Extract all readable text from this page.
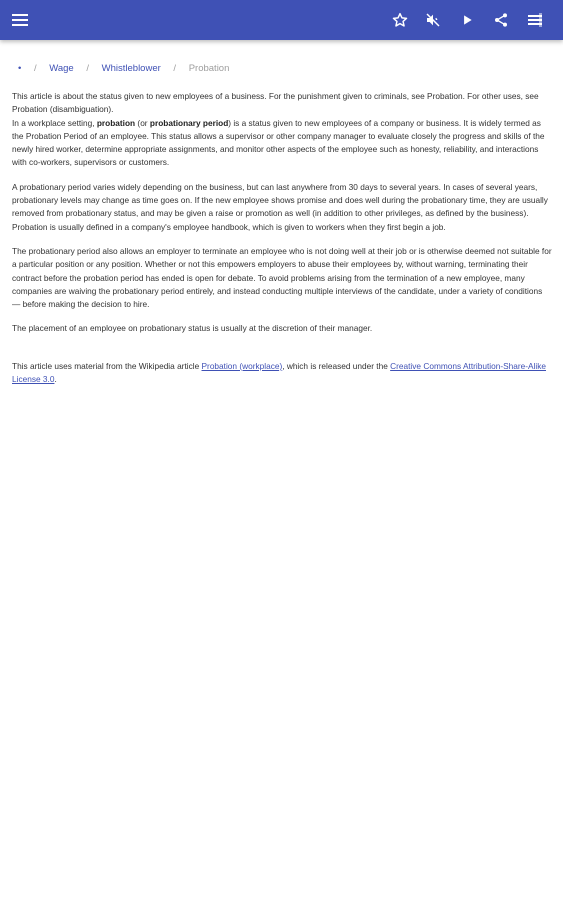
• / Wage / Whistleblower / Probation

This article is about the status given to new employees of a business. For the punishment given to criminals, see Probation. For other uses, see Probation (disambiguation).

In a workplace setting, probation (or probationary period) is a status given to new employees of a company or business. It is widely termed as the Probation Period of an employee. This status allows a supervisor or other company manager to evaluate closely the progress and skills of the newly hired worker, determine appropriate assignments, and monitor other aspects of the employee such as honesty, reliability, and interactions with co-workers, supervisors or customers.

A probationary period varies widely depending on the business, but can last anywhere from 30 days to several years. In cases of several years, probationary levels may change as time goes on. If the new employee shows promise and does well during the probationary time, they are usually removed from probationary status, and may be given a raise or promotion as well (in addition to other privileges, as defined by the business). Probation is usually defined in a company's employee handbook, which is given to workers when they first begin a job.

The probationary period also allows an employer to terminate an employee who is not doing well at their job or is otherwise deemed not suitable for a particular position or any position. Whether or not this empowers employers to abuse their employees by, without warning, terminating their contract before the probation period has ended is open for debate. To avoid problems arising from the termination of a new employee, many companies are waiving the probationary period entirely, and instead conducting multiple interviews of the candidate, under a variety of conditions — before making the decision to hire.

The placement of an employee on probationary status is usually at the discretion of their manager.

This article uses material from the Wikipedia article Probation (workplace), which is released under the Creative Commons Attribution-Share-Alike License 3.0.
